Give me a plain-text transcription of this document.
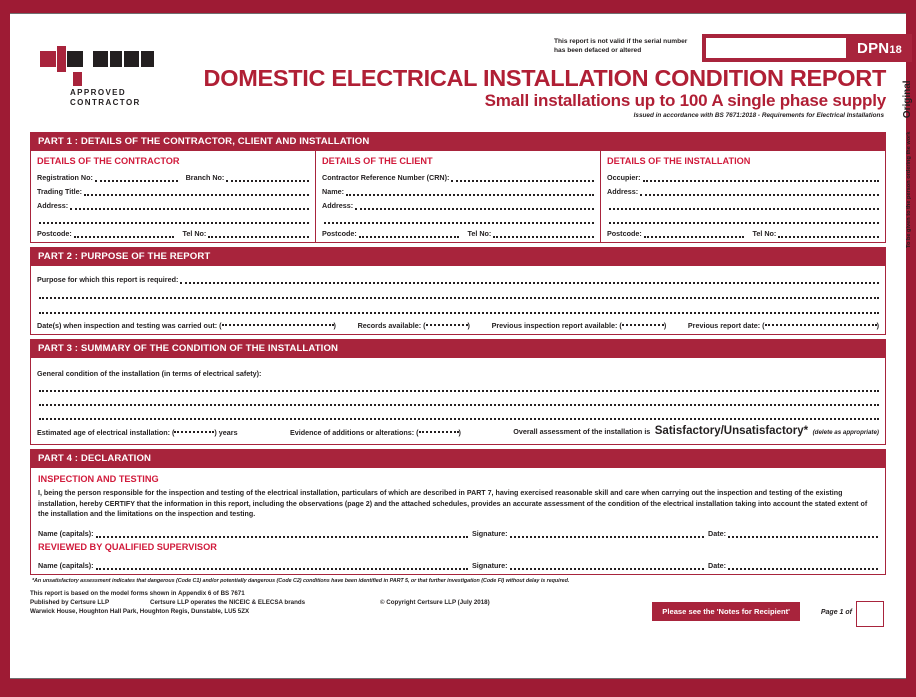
APPROVED
CONTRACTOR
This report is not valid if the serial number has been defaced or altered	DPN18
DOMESTIC ELECTRICAL INSTALLATION CONDITION REPORT
Small installations up to 100 A single phase supply
Issued in accordance with BS 7671:2018 - Requirements for Electrical Installations
To be given to the person ordering the work   Original
PART 1 : DETAILS OF THE CONTRACTOR, CLIENT AND INSTALLATION
DETAILS OF THE CONTRACTOR
Registration No:	Branch No:
Trading Title:
Address:
Postcode:	Tel No:
DETAILS OF THE CLIENT
Contractor Reference Number (CRN):
Name:
Address:
Postcode:	Tel No:
DETAILS OF THE INSTALLATION
Occupier:
Address:
Postcode:	Tel No:
PART 2 : PURPOSE OF THE REPORT
Purpose for which this report is required:
Date(s) when inspection and testing was carried out: (	)	Records available: (	)	Previous inspection report available: (	)	Previous report date: (	)
PART 3 : SUMMARY OF THE CONDITION OF THE INSTALLATION
General condition of the installation (in terms of electrical safety):
Estimated age of electrical installation: (	) years	Evidence of additions or alterations: (	)	Overall assessment of the installation is Satisfactory/Unsatisfactory* (delete as appropriate)
PART 4 : DECLARATION
INSPECTION AND TESTING
I, being the person responsible for the inspection and testing of the electrical installation, particulars of which are described in PART 7, having exercised reasonable skill and care when carrying out the inspection and testing of the existing installation, hereby CERTIFY that the information in this report, including the observations (page 2) and the attached schedules, provides an accurate assessment of the condition of the electrical installation taking into account the stated extent of the installation and the limitations on the inspection and testing.
Name (capitals):	Signature:	Date:
REVIEWED BY QUALIFIED SUPERVISOR
Name (capitals):	Signature:	Date:
*An unsatisfactory assessment indicates that dangerous (Code C1) and/or potentially dangerous (Code C2) conditions have been identified in PART 5, or that further investigation (Code FI) without delay is required.
This report is based on the model forms shown in Appendix 6 of BS 7671
Published by Certsure LLP	Certsure LLP operates the NICEIC & ELECSA brands	© Copyright Certsure LLP (July 2018)
Warwick House, Houghton Hall Park, Houghton Regis, Dunstable, LU5 5ZX	Please see the 'Notes for Recipient'	Page 1 of
